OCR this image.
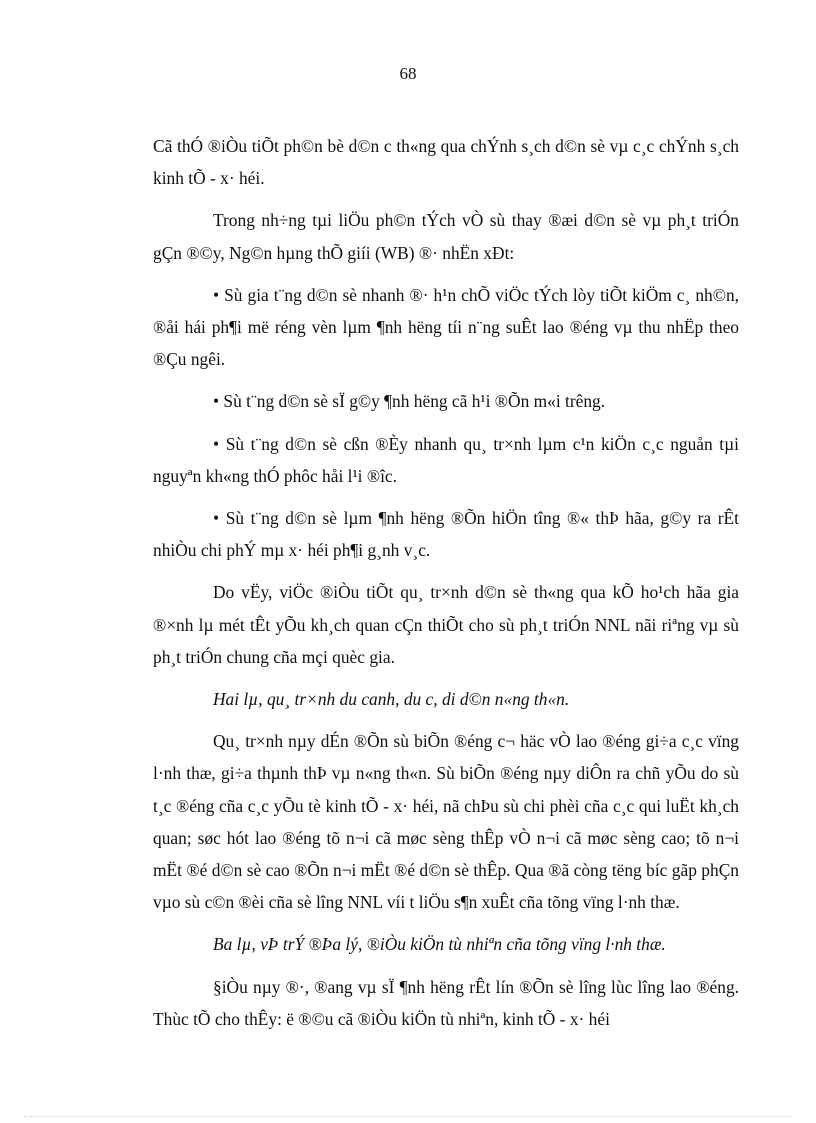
68

Cã thÓ ®iÒu tiÕt ph©n bè d©n c th«ng qua chÝnh s¸ch d©n sè vµ c¸c chÝnh s¸ch kinh tÕ - x· héi.

Trong nh÷ng tµi liÖu ph©n tÝch vÒ sù thay ®æi d©n sè vµ ph¸t triÓn gÇn ®©y, Ng©n hµng thÕ giíi (WB) ®· nhËn xÐt:

• Sù gia t¨ng d©n sè nhanh ®· h¹n chÕ viÖc tÝch lòy tiÕt kiÖm c¸ nh©n, ®åi hái ph¶i më réng vèn lµm ¶nh hëng tíi n¨ng suÊt lao ®éng vµ thu nhËp theo ®Çu ngêi.

• Sù t¨ng d©n sè sÏ g©y ¶nh hëng cã h¹i ®Õn m«i trêng.

• Sù t¨ng d©n sè cßn ®Èy nhanh qu¸ tr×nh lµm c¹n kiÖn c¸c nguån tµi nguyªn kh«ng thÓ phôc håi l¹i ®îc.

• Sù t¨ng d©n sè lµm ¶nh hëng ®Õn hiÖn tîng ®« thÞ hãa, g©y ra rÊt nhiÒu chi phÝ mµ x· héi ph¶i g¸nh v¸c.

Do vËy, viÖc ®iÒu tiÕt qu¸ tr×nh d©n sè th«ng qua kÕ ho¹ch hãa gia ®×nh lµ mét tÊt yÕu kh¸ch quan cÇn thiÕt cho sù ph¸t triÓn NNL nãi riªng vµ sù ph¸t triÓn chung cña mçi quèc gia.

Hai lµ, qu¸ tr×nh du canh, du c, di d©n n«ng th«n.

Qu¸ tr×nh nµy dÉn ®Õn sù biÕn ®éng c¬ häc vÒ lao ®éng gi÷a c¸c vïng l·nh thæ, gi÷a thµnh thÞ vµ n«ng th«n. Sù biÕn ®éng nµy diÔn ra chñ yÕu do sù t¸c ®éng cña c¸c yÕu tè kinh tÕ - x· héi, nã chÞu sù chi phèi cña c¸c qui luËt kh¸ch quan; søc hót lao ®éng tõ n¬i cã møc sèng thÊp vÒ n¬i cã møc sèng cao; tõ n¬i mËt ®é d©n sè cao ®Õn n¬i mËt ®é d©n sè thÊp. Qua ®ã còng tëng bíc gãp phÇn vµo sù c©n ®èi cña sè lîng NNL víi t liÖu s¶n xuÊt cña tõng vïng l·nh thæ.

Ba lµ, vÞ trÝ ®Þa lý, ®iÒu kiÖn tù nhiªn cña tõng vïng l·nh thæ.

§iÒu nµy ®·, ®ang vµ sÏ ¶nh hëng rÊt lín ®Õn sè lîng lùc lîng lao ®éng. Thùc tÕ cho thÊy: ë ®©u cã ®iÒu kiÖn tù nhiªn, kinh tÕ - x· héi
